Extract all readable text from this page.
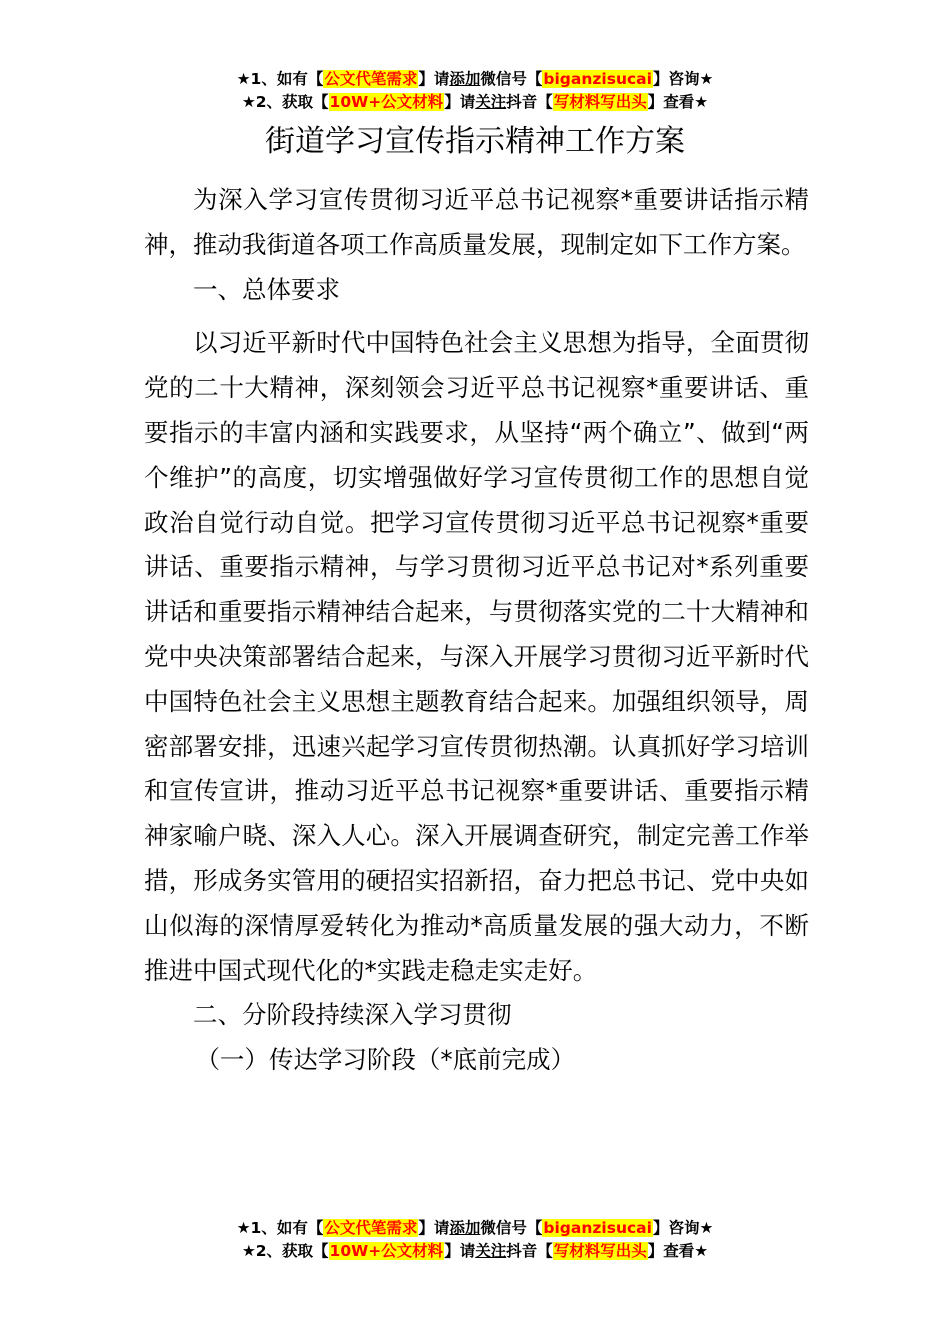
★1、如有【公文代笔需求】请添加微信号【biganzisucai】咨询★
★2、获取【10W+公文材料】请关注抖音【写材料写出头】查看★
街道学习宣传指示精神工作方案

为深入学习宣传贯彻习近平总书记视察*重要讲话指示精神，推动我街道各项工作高质量发展，现制定如下工作方案。

一、总体要求

以习近平新时代中国特色社会主义思想为指导，全面贯彻党的二十大精神，深刻领会习近平总书记视察*重要讲话、重要指示的丰富内涵和实践要求，从坚持“两个确立”、做到“两个维护”的高度，切实增强做好学习宣传贯彻工作的思想自觉政治自觉行动自觉。把学习宣传贯彻习近平总书记视察*重要讲话、重要指示精神，与学习贯彻习近平总书记对*系列重要讲话和重要指示精神结合起来，与贯彻落实党的二十大精神和党中央决策部署结合起来，与深入开展学习贯彻习近平新时代中国特色社会主义思想主题教育结合起来。加强组织领导，周密部署安排，迅速兴起学习宣传贯彻热潮。认真抓好学习培训和宣传宣讲，推动习近平总书记视察*重要讲话、重要指示精神家喻户晓、深入人心。深入开展调查研究，制定完善工作举措，形成务实管用的硬招实招新招，奋力把总书记、党中央如山似海的深情厚爱转化为推动*高质量发展的强大动力，不断推进中国式现代化的*实践走稳走实走好。

二、分阶段持续深入学习贯彻

（一）传达学习阶段（*底前完成）

★1、如有【公文代笔需求】请添加微信号【biganzisucai】咨询★
★2、获取【10W+公文材料】请关注抖音【写材料写出头】查看★
